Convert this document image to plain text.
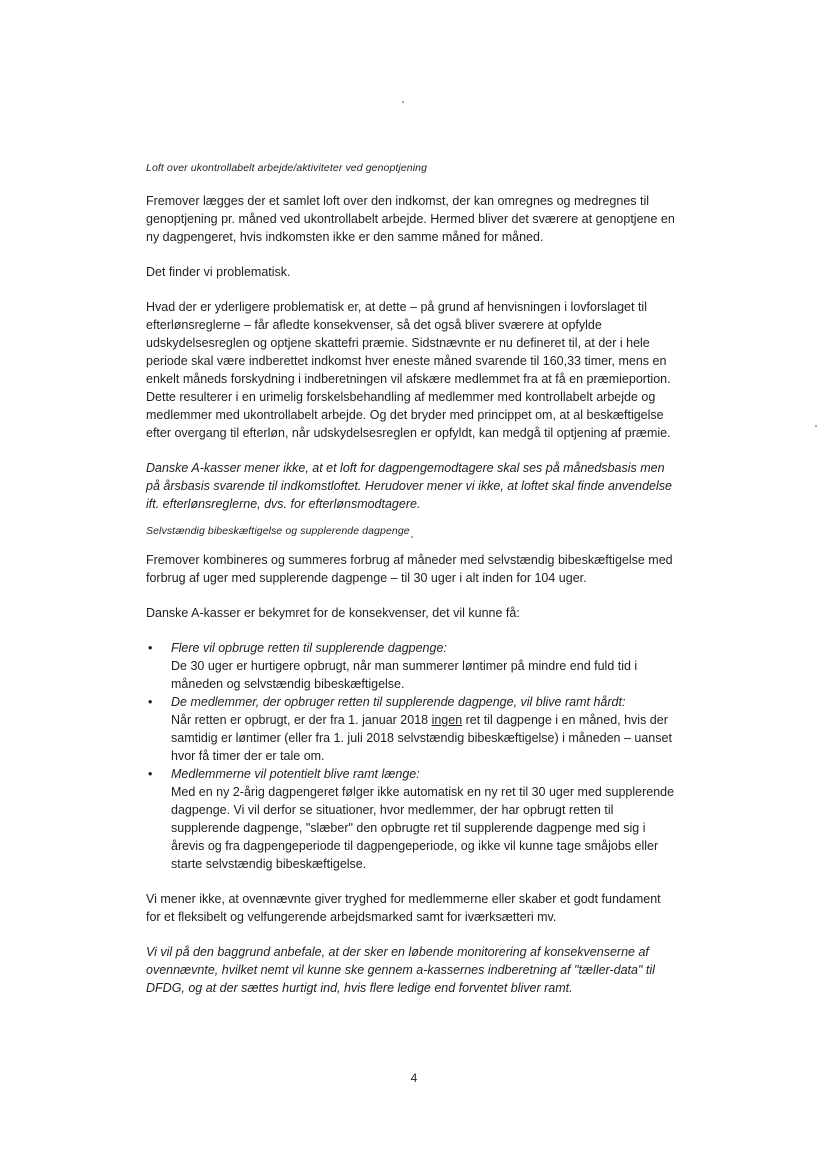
Loft over ukontrollabelt arbejde/aktiviteter ved genoptjening

Fremover lægges der et samlet loft over den indkomst, der kan omregnes og medregnes til genoptjening pr. måned ved ukontrollabelt arbejde. Hermed bliver det sværere at genoptjene en ny dagpengeret, hvis indkomsten ikke er den samme måned for måned.

Det finder vi problematisk.

Hvad der er yderligere problematisk er, at dette – på grund af henvisningen i lovforslaget til efterlønsreglerne – får afledte konsekvenser, så det også bliver sværere at opfylde udskydelsesreglen og optjene skattefri præmie. Sidstnævnte er nu defineret til, at der i hele periode skal være indberettet indkomst hver eneste måned svarende til 160,33 timer, mens en enkelt måneds forskydning i indberetningen vil afskære medlemmet fra at få en præmieportion. Dette resulterer i en urimelig forskelsbehandling af medlemmer med kontrollabelt arbejde og medlemmer med ukontrollabelt arbejde. Og det bryder med princippet om, at al beskæftigelse efter overgang til efterløn, når udskydelsesreglen er opfyldt, kan medgå til optjening af præmie.

Danske A-kasser mener ikke, at et loft for dagpengemodtagere skal ses på månedsbasis men på årsbasis svarende til indkomstloftet. Herudover mener vi ikke, at loftet skal finde anvendelse ift. efterlønsreglerne, dvs. for efterlønsmodtagere.

Selvstændig bibeskæftigelse og supplerende dagpenge

Fremover kombineres og summeres forbrug af måneder med selvstændig bibeskæftigelse med forbrug af uger med supplerende dagpenge – til 30 uger i alt inden for 104 uger.

Danske A-kasser er bekymret for de konsekvenser, det vil kunne få:

• Flere vil opbruge retten til supplerende dagpenge:
De 30 uger er hurtigere opbrugt, når man summerer løntimer på mindre end fuld tid i måneden og selvstændig bibeskæftigelse.
• De medlemmer, der opbruger retten til supplerende dagpenge, vil blive ramt hårdt:
Når retten er opbrugt, er der fra 1. januar 2018 ingen ret til dagpenge i en måned, hvis der samtidig er løntimer (eller fra 1. juli 2018 selvstændig bibeskæftigelse) i måneden – uanset hvor få timer der er tale om.
• Medlemmerne vil potentielt blive ramt længe:
Med en ny 2-årig dagpengeret følger ikke automatisk en ny ret til 30 uger med supplerende dagpenge. Vi vil derfor se situationer, hvor medlemmer, der har opbrugt retten til supplerende dagpenge, "slæber" den opbrugte ret til supplerende dagpenge med sig i årevis og fra dagpengeperiode til dagpengeperiode, og ikke vil kunne tage småjobs eller starte selvstændig bibeskæftigelse.

Vi mener ikke, at ovennævnte giver tryghed for medlemmerne eller skaber et godt fundament for et fleksibelt og velfungerende arbejdsmarked samt for iværksætteri mv.

Vi vil på den baggrund anbefale, at der sker en løbende monitorering af konsekvenserne af ovennævnte, hvilket nemt vil kunne ske gennem a-kassernes indberetning af "tæller-data" til DFDG, og at der sættes hurtigt ind, hvis flere ledige end forventet bliver ramt.

4
